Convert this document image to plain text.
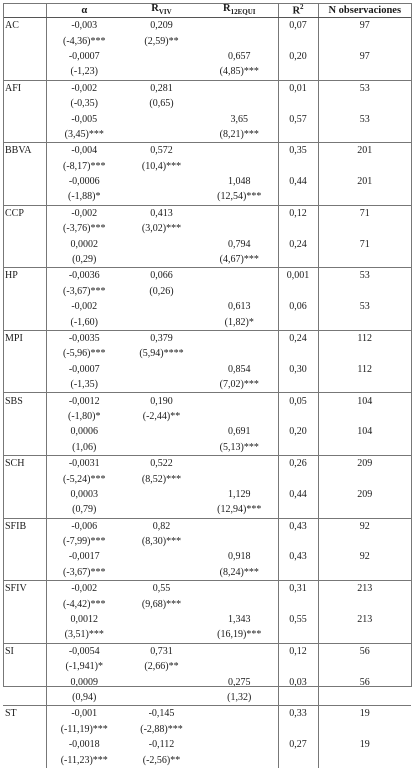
	α	$R_{VIV}$	$R_{12EQUI}$	$R^2$	N observaciones
AC	-0,003	0,209		0,07	97
	(-4,36)***	(2,59)**			
	-0,0007		0,657	0,20	97
	(-1,23)		(4,85)***		
AFI	-0,002	0,281		0,01	53
	(-0,35)	(0,65)			
	-0,005		3,65	0,57	53
	(3,45)***		(8,21)***		
BBVA	-0,004	0,572		0,35	201
	(-8,17)***	(10,4)***			
	-0,0006		1,048	0,44	201
	(-1,88)*		(12,54)***		
CCP	-0,002	0,413		0,12	71
	(-3,76)***	(3,02)***			
	0,0002		0,794	0,24	71
	(0,29)		(4,67)***		
HP	-0,0036	0,066		0,001	53
	(-3,67)***	(0,26)			
	-0,002		0,613	0,06	53
	(-1,60)		(1,82)*		
MPI	-0,0035	0,379		0,24	112
	(-5,96)***	(5,94)****			
	-0,0007		0,854	0,30	112
	(-1,35)		(7,02)***		
SBS	-0,0012	0,190		0,05	104
	(-1,80)*	(-2,44)**			
	0,0006		0,691	0,20	104
	(1,06)		(5,13)***		
SCH	-0,0031	0,522		0,26	209
	(-5,24)***	(8,52)***			
	0,0003		1,129	0,44	209
	(0,79)		(12,94)***		
SFIB	-0,006	0,82		0,43	92
	(-7,99)***	(8,30)***			
	-0,0017		0,918	0,43	92
	(-3,67)***		(8,24)***		
SFIV	-0,002	0,55		0,31	213
	(-4,42)***	(9,68)***			
	0,0012		1,343	0,55	213
	(3,51)***		(16,19)***		
SI	-0,0054	0,731		0,12	56
	(-1,941)*	(2,66)**			
	0,0009		0,275	0,03	56
	(0,94)		(1,32)		
ST	-0,001	-0,145		0,33	19
	(-11,19)***	(-2,88)***			
	-0,0018	-0,112		0,27	19
	(-11,23)***	(-2,56)**			
